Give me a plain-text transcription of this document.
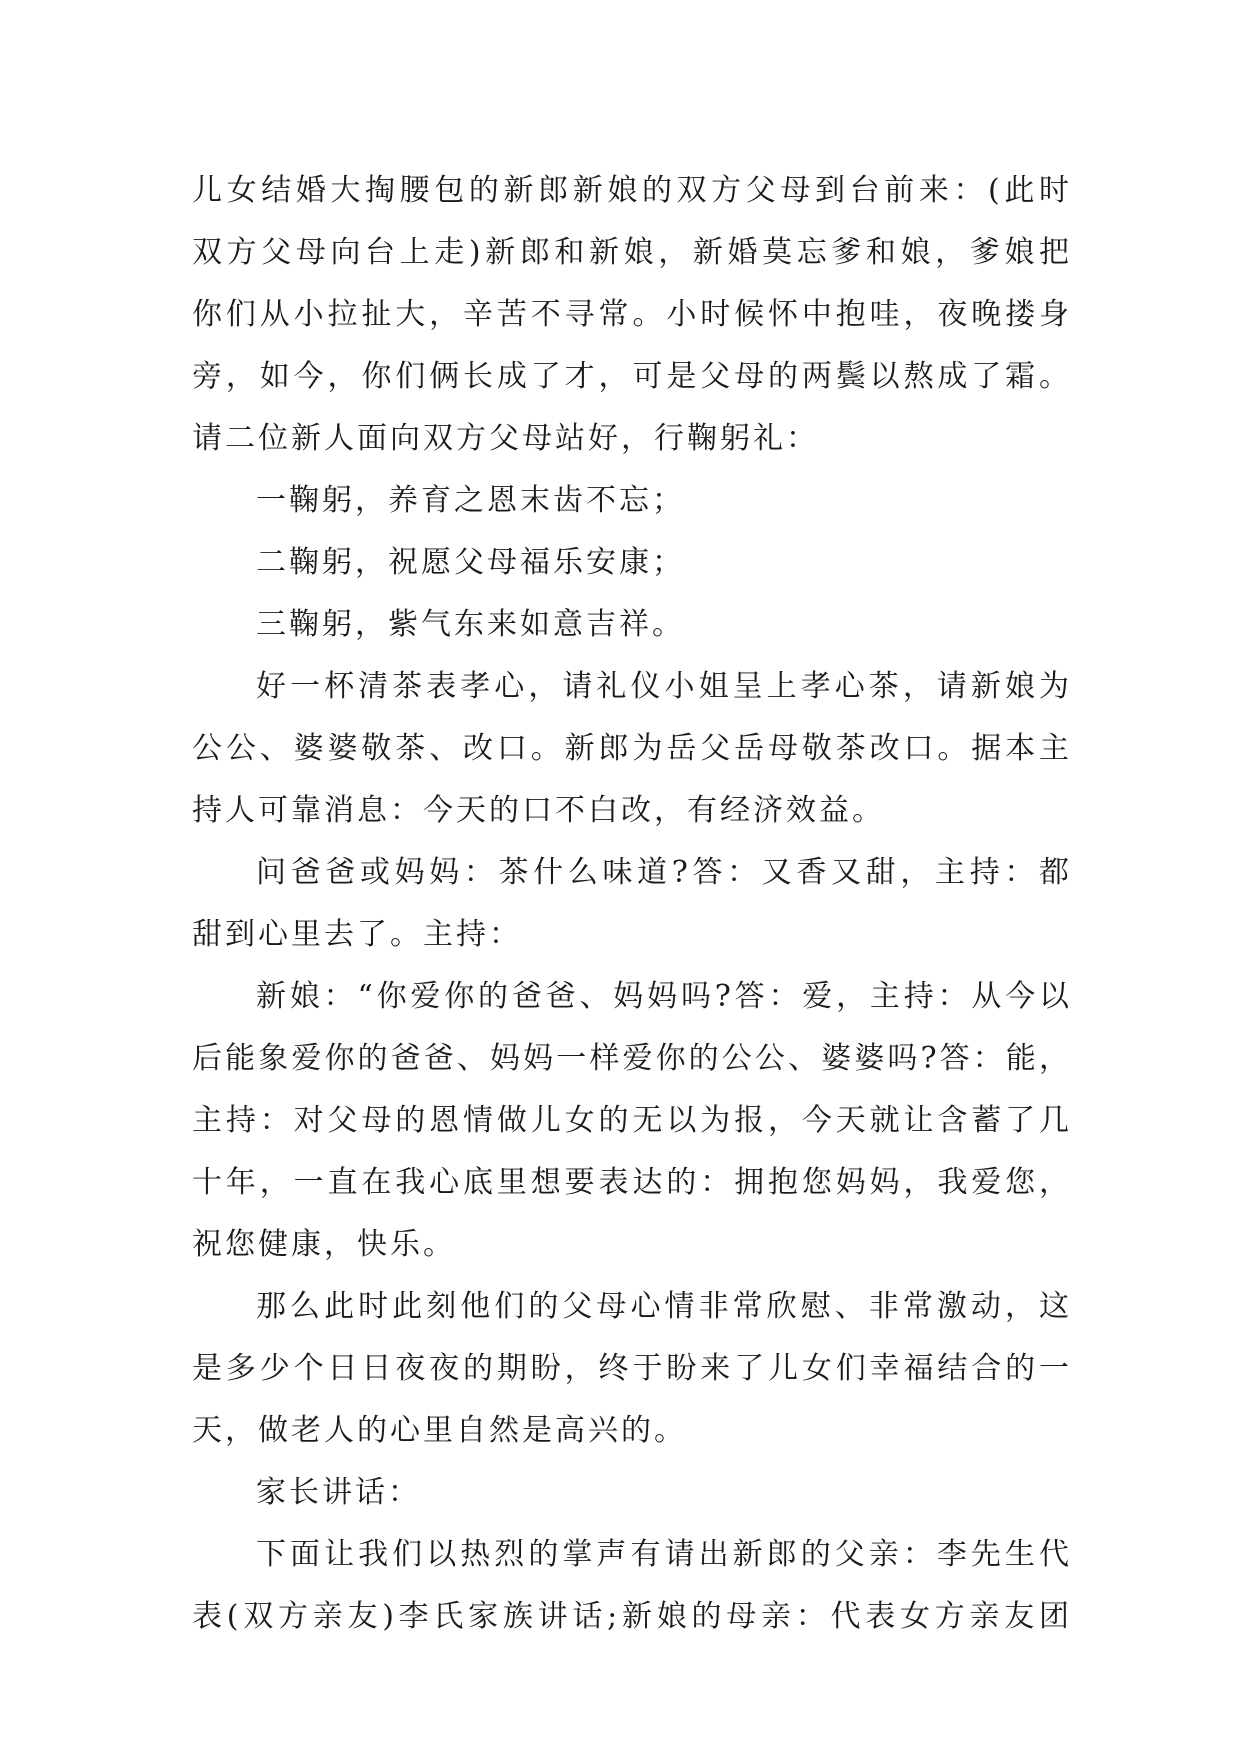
儿女结婚大掏腰包的新郎新娘的双方父母到台前来：(此时
双方父母向台上走)新郎和新娘，新婚莫忘爹和娘，爹娘把
你们从小拉扯大，辛苦不寻常。小时候怀中抱哇，夜晚搂身
旁，如今，你们俩长成了才，可是父母的两鬓以熬成了霜。
请二位新人面向双方父母站好，行鞠躬礼：

一鞠躬，养育之恩末齿不忘；

二鞠躬，祝愿父母福乐安康；

三鞠躬，紫气东来如意吉祥。

好一杯清茶表孝心，请礼仪小姐呈上孝心茶，请新娘为
公公、婆婆敬茶、改口。新郎为岳父岳母敬茶改口。据本主
持人可靠消息：今天的口不白改，有经济效益。

问爸爸或妈妈：茶什么味道?答：又香又甜，主持：都
甜到心里去了。主持：

新娘：“你爱你的爸爸、妈妈吗?答：爱，主持：从今以
后能象爱你的爸爸、妈妈一样爱你的公公、婆婆吗?答：能，
主持：对父母的恩情做儿女的无以为报，今天就让含蓄了几
十年，一直在我心底里想要表达的：拥抱您妈妈，我爱您，
祝您健康，快乐。

那么此时此刻他们的父母心情非常欣慰、非常激动，这
是多少个日日夜夜的期盼，终于盼来了儿女们幸福结合的一
天，做老人的心里自然是高兴的。

家长讲话：

下面让我们以热烈的掌声有请出新郎的父亲：李先生代
表(双方亲友)李氏家族讲话;新娘的母亲：代表女方亲友团
